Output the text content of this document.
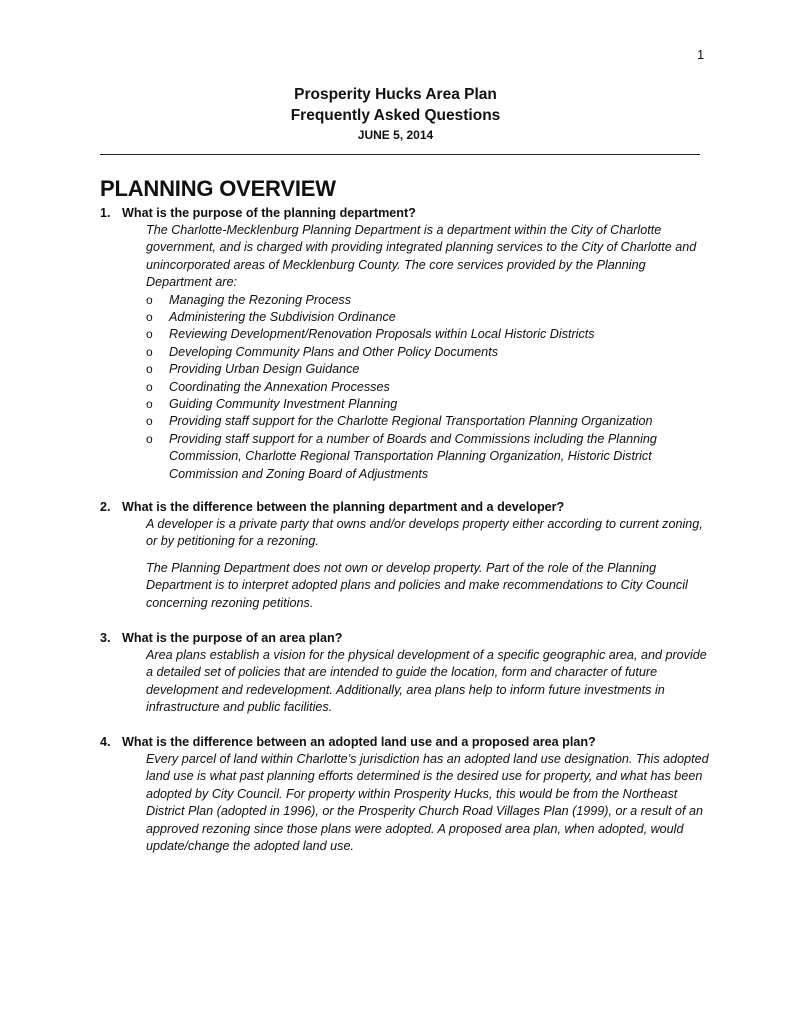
1
Prosperity Hucks Area Plan
Frequently Asked Questions
JUNE 5, 2014
PLANNING OVERVIEW
1. What is the purpose of the planning department?

The Charlotte-Mecklenburg Planning Department is a department within the City of Charlotte government, and is charged with providing integrated planning services to the City of Charlotte and unincorporated areas of Mecklenburg County. The core services provided by the Planning Department are:

o	Managing the Rezoning Process
o	Administering the Subdivision Ordinance
o	Reviewing Development/Renovation Proposals within Local Historic Districts
o	Developing Community Plans and Other Policy Documents
o	Providing Urban Design Guidance
o	Coordinating the Annexation Processes
o	Guiding Community Investment Planning
o	Providing staff support for the Charlotte Regional Transportation Planning Organization
o	Providing staff support for a number of Boards and Commissions including the Planning Commission, Charlotte Regional Transportation Planning Organization, Historic District Commission and Zoning Board of Adjustments
2. What is the difference between the planning department and a developer?

A developer is a private party that owns and/or develops property either according to current zoning, or by petitioning for a rezoning.

The Planning Department does not own or develop property. Part of the role of the Planning Department is to interpret adopted plans and policies and make recommendations to City Council concerning rezoning petitions.

3. What is the purpose of an area plan?

Area plans establish a vision for the physical development of a specific geographic area, and provide a detailed set of policies that are intended to guide the location, form and character of future development and redevelopment. Additionally, area plans help to inform future investments in infrastructure and public facilities.

4. What is the difference between an adopted land use and a proposed area plan?

Every parcel of land within Charlotte’s jurisdiction has an adopted land use designation. This adopted land use is what past planning efforts determined is the desired use for property, and what has been adopted by City Council. For property within Prosperity Hucks, this would be from the Northeast District Plan (adopted in 1996), or the Prosperity Church Road Villages Plan (1999), or a result of an approved rezoning since those plans were adopted. A proposed area plan, when adopted, would update/change the adopted land use.
